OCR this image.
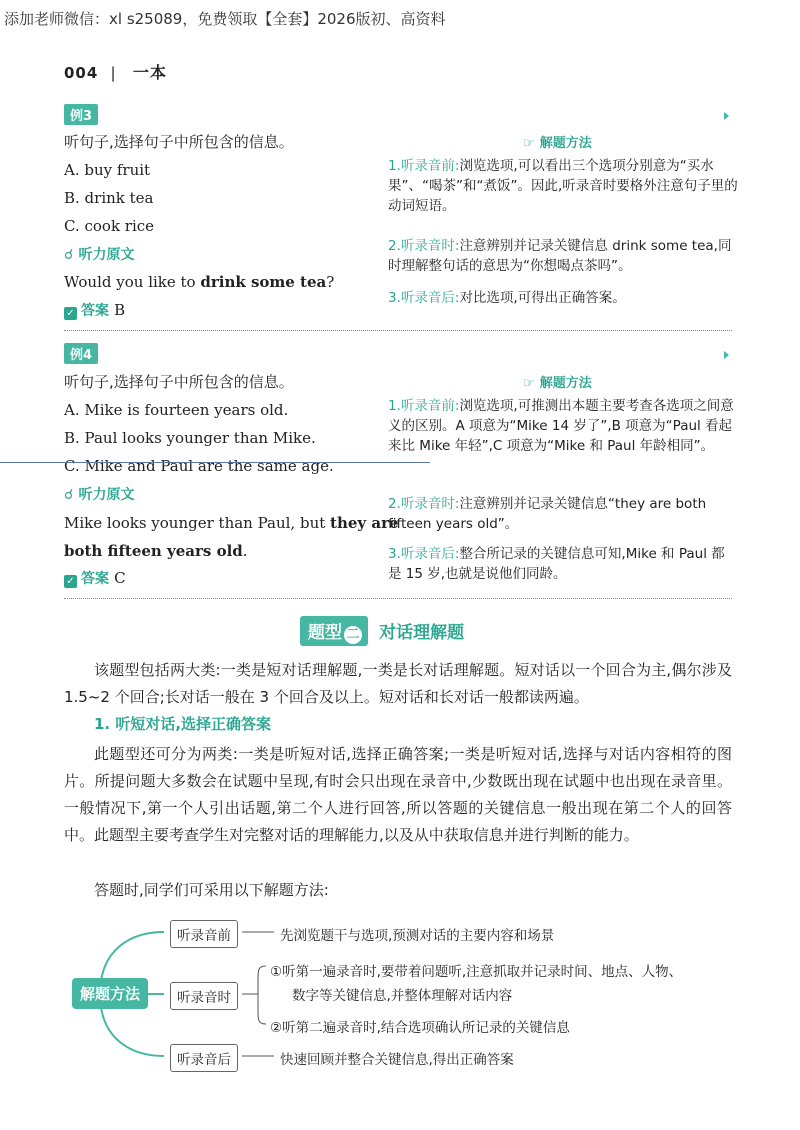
添加老师微信：xl s25089，免费领取【全套】2026版初、高资料
004 | 一本
例3
听句子,选择句子中所包含的信息。
A. buy fruit
B. drink tea
C. cook rice
☌ 听力原文
Would you like to drink some tea?
✓ 答案 B
☞ 解题方法
1.听录音前:浏览选项,可以看出三个选项分别意为“买水果”、“喝茶”和“煮饭”。因此,听录音时要格外注意句子里的动词短语。
2.听录音时:注意辨别并记录关键信息 drink some tea,同时理解整句话的意思为“你想喝点茶吗”。
3.听录音后:对比选项,可得出正确答案。
例4
听句子,选择句子中所包含的信息。
A. Mike is fourteen years old.
B. Paul looks younger than Mike.
C. Mike and Paul are the same age.
☌ 听力原文
Mike looks younger than Paul, but they are
both fifteen years old.
✓ 答案 C
☞ 解题方法
1.听录音前:浏览选项,可推测出本题主要考查各选项之间意义的区别。A 项意为“Mike 14 岁了”,B 项意为“Paul 看起来比 Mike 年轻”,C 项意为“Mike 和 Paul 年龄相同”。
2.听录音时:注意辨别并记录关键信息“they are both fifteen years old”。
3.听录音后:整合所记录的关键信息可知,Mike 和 Paul 都是 15 岁,也就是说他们同龄。
题型 二 对话理解题
该题型包括两大类:一类是短对话理解题,一类是长对话理解题。短对话以一个回合为主,偶尔涉及 1.5~2 个回合;长对话一般在 3 个回合及以上。短对话和长对话一般都读两遍。
1. 听短对话,选择正确答案
此题型还可分为两类:一类是听短对话,选择正确答案;一类是听短对话,选择与对话内容相符的图片。所提问题大多数会在试题中呈现,有时会只出现在录音中,少数既出现在试题中也出现在录音里。一般情况下,第一个人引出话题,第二个人进行回答,所以答题的关键信息一般出现在第二个人的回答中。此题型主要考查学生对完整对话的理解能力,以及从中获取信息并进行判断的能力。
答题时,同学们可采用以下解题方法:
解题方法
听录音前
听录音时
听录音后
先浏览题干与选项,预测对话的主要内容和场景
①听第一遍录音时,要带着问题听,注意抓取并记录时间、地点、人物、
数字等关键信息,并整体理解对话内容
②听第二遍录音时,结合选项确认所记录的关键信息
快速回顾并整合关键信息,得出正确答案
